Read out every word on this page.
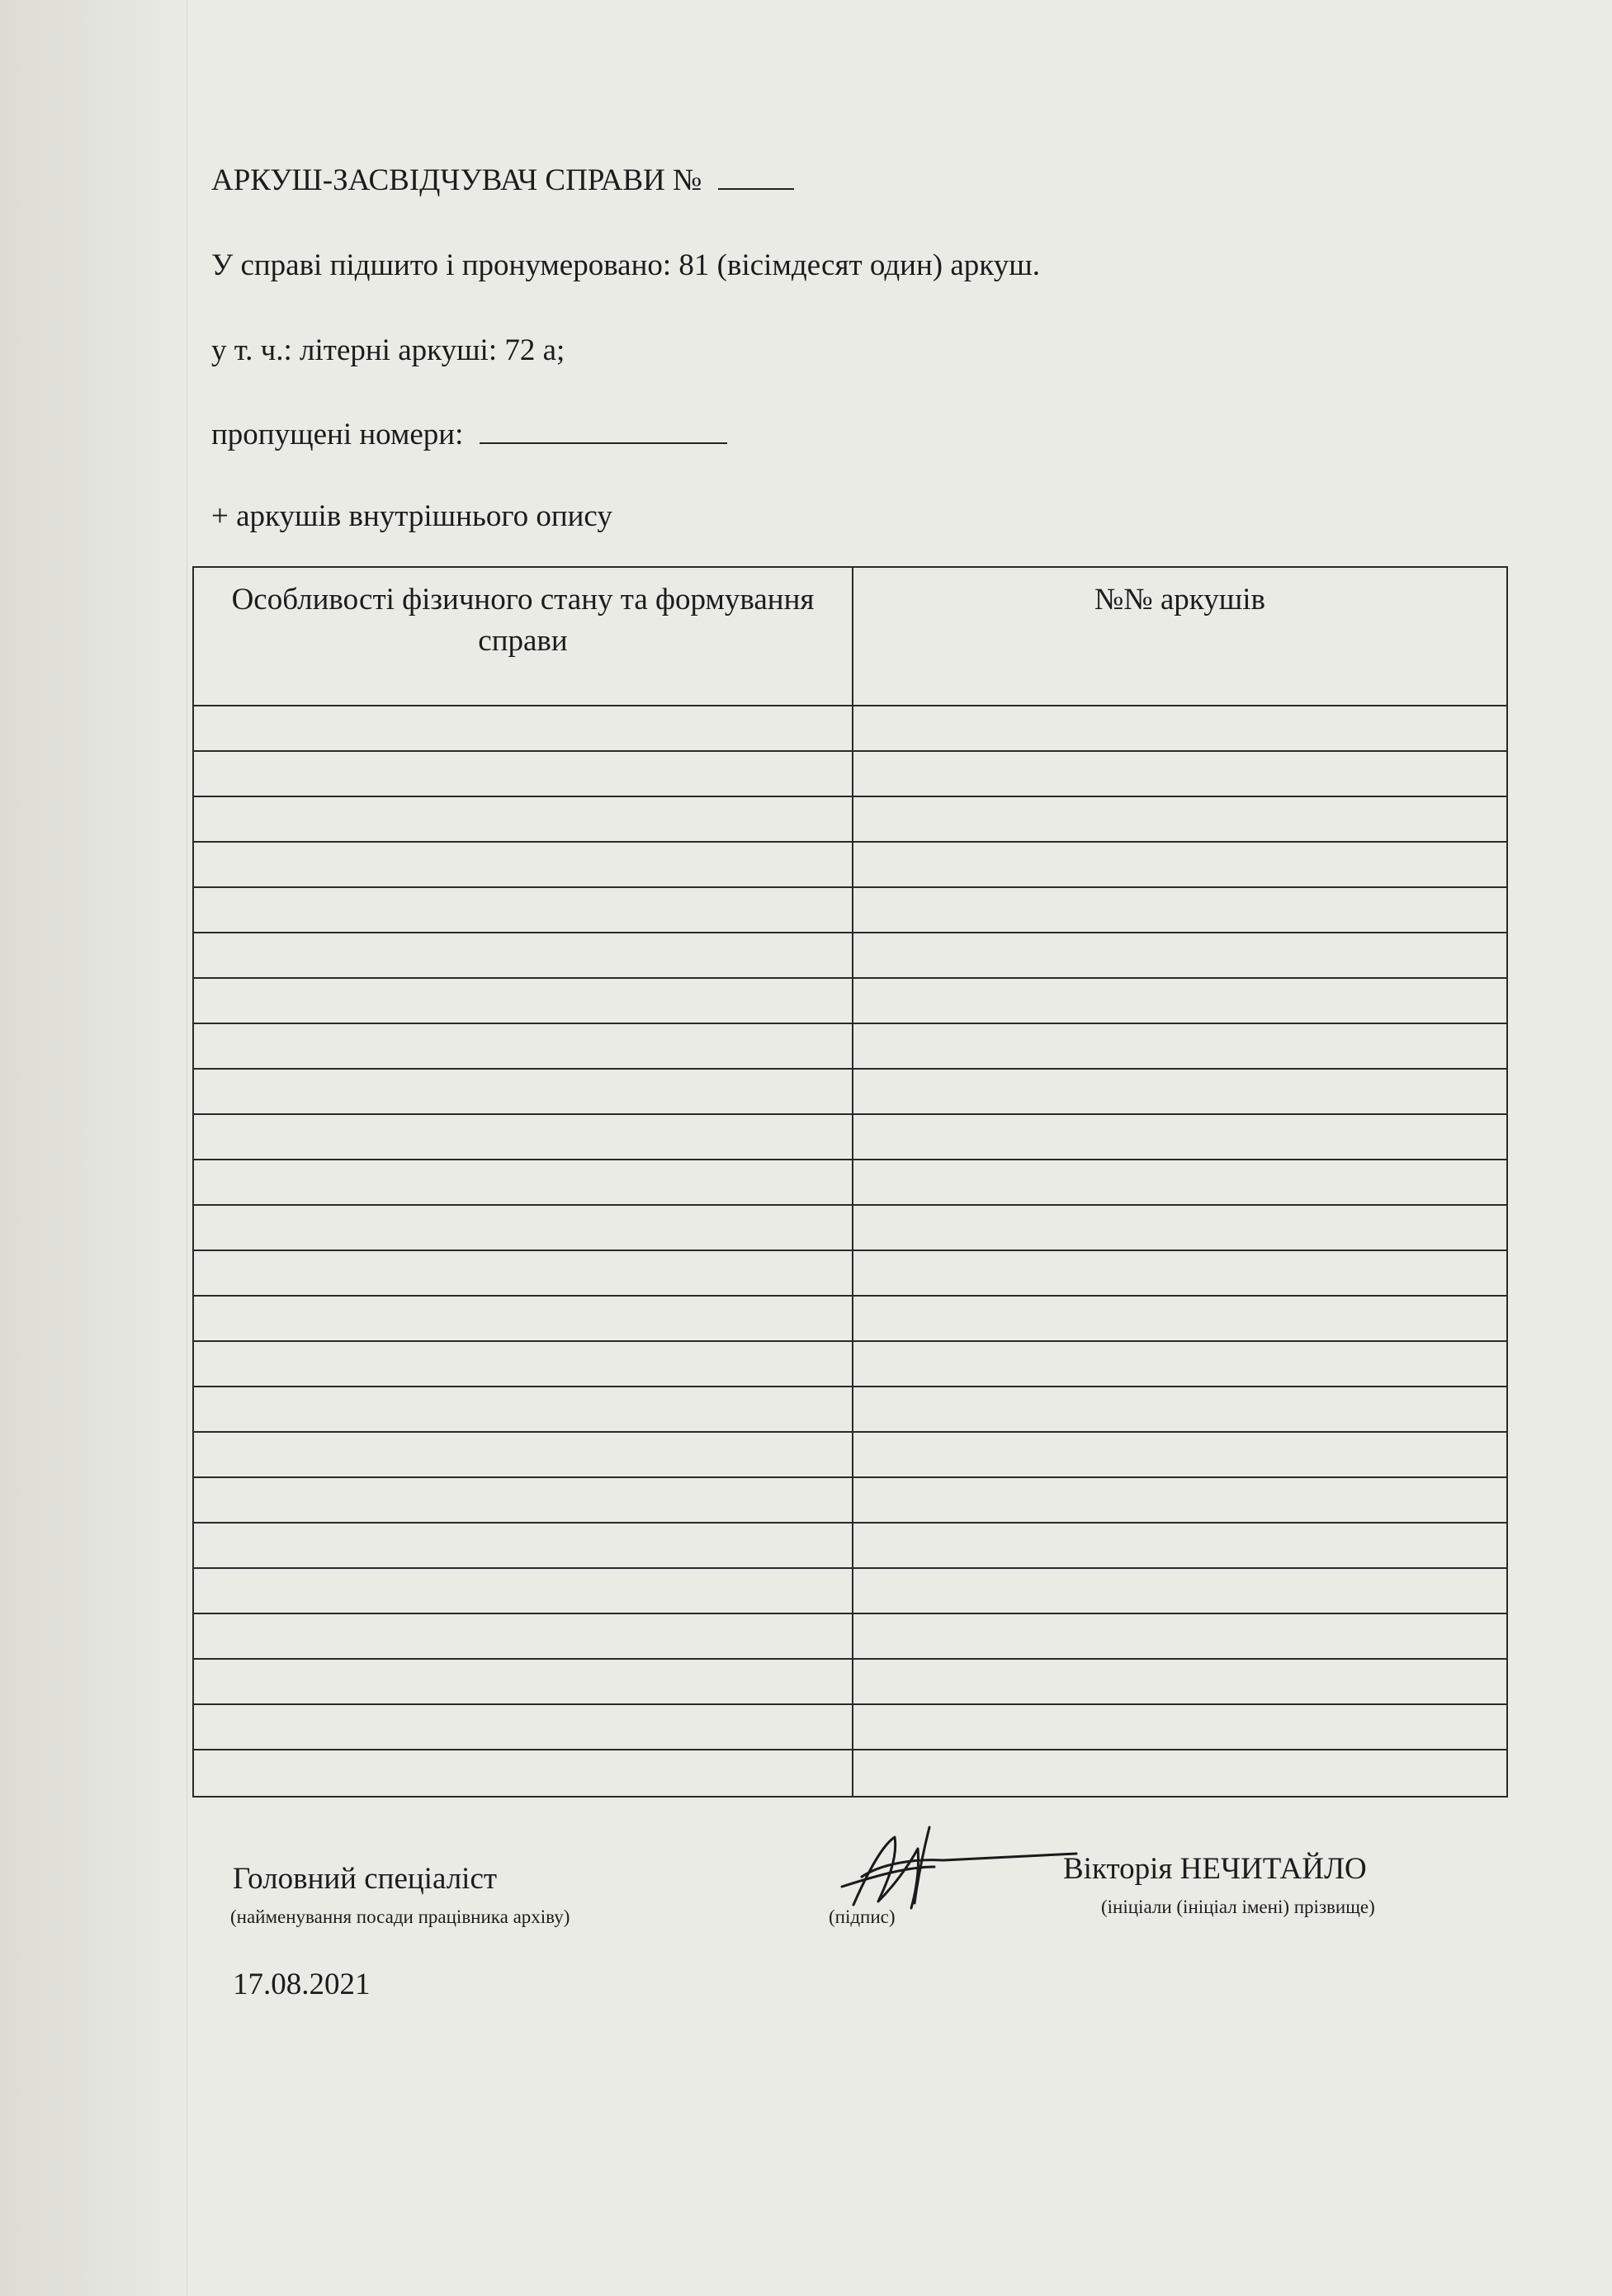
АРКУШ-ЗАСВІДЧУВАЧ СПРАВИ №
У справі підшито і пронумеровано: 81 (вісімдесят один) аркуш.
у т. ч.: літерні аркуші: 72 а;
пропущені номери:
+ аркушів внутрішнього опису
Особливості фізичного стану та формування справи
№№ аркушів
Головний спеціаліст
(найменування посади працівника архіву)	(підпис)
Вікторія НЕЧИТАЙЛО
(ініціали (ініціал імені) прізвище)
17.08.2021
